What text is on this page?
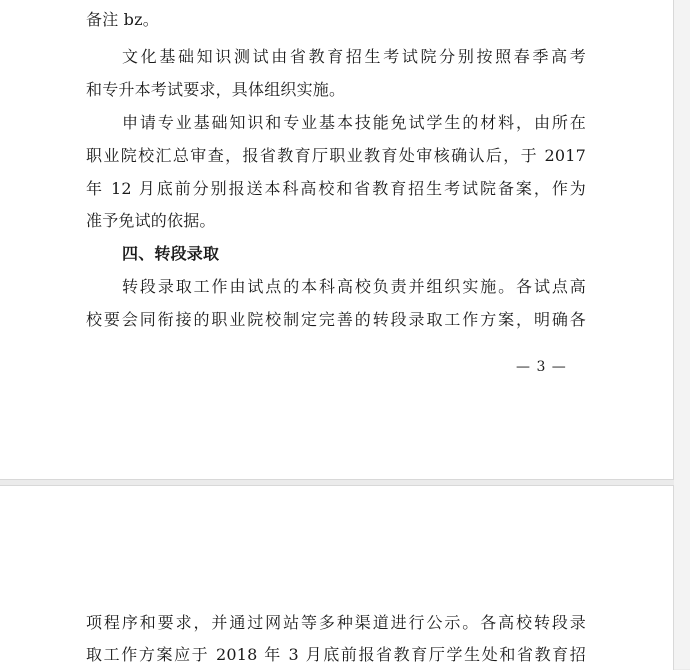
备注 bz。
文化基础知识测试由省教育招生考试院分别按照春季高考
和专升本考试要求，具体组织实施。
申请专业基础知识和专业基本技能免试学生的材料，由所在
职业院校汇总审查，报省教育厅职业教育处审核确认后，于 2017
年 12 月底前分别报送本科高校和省教育招生考试院备案，作为
准予免试的依据。
四、转段录取
转段录取工作由试点的本科高校负责并组织实施。各试点高
校要会同衔接的职业院校制定完善的转段录取工作方案，明确各
— 3 —
项程序和要求，并通过网站等多种渠道进行公示。各高校转段录
取工作方案应于 2018 年 3 月底前报省教育厅学生处和省教育招
